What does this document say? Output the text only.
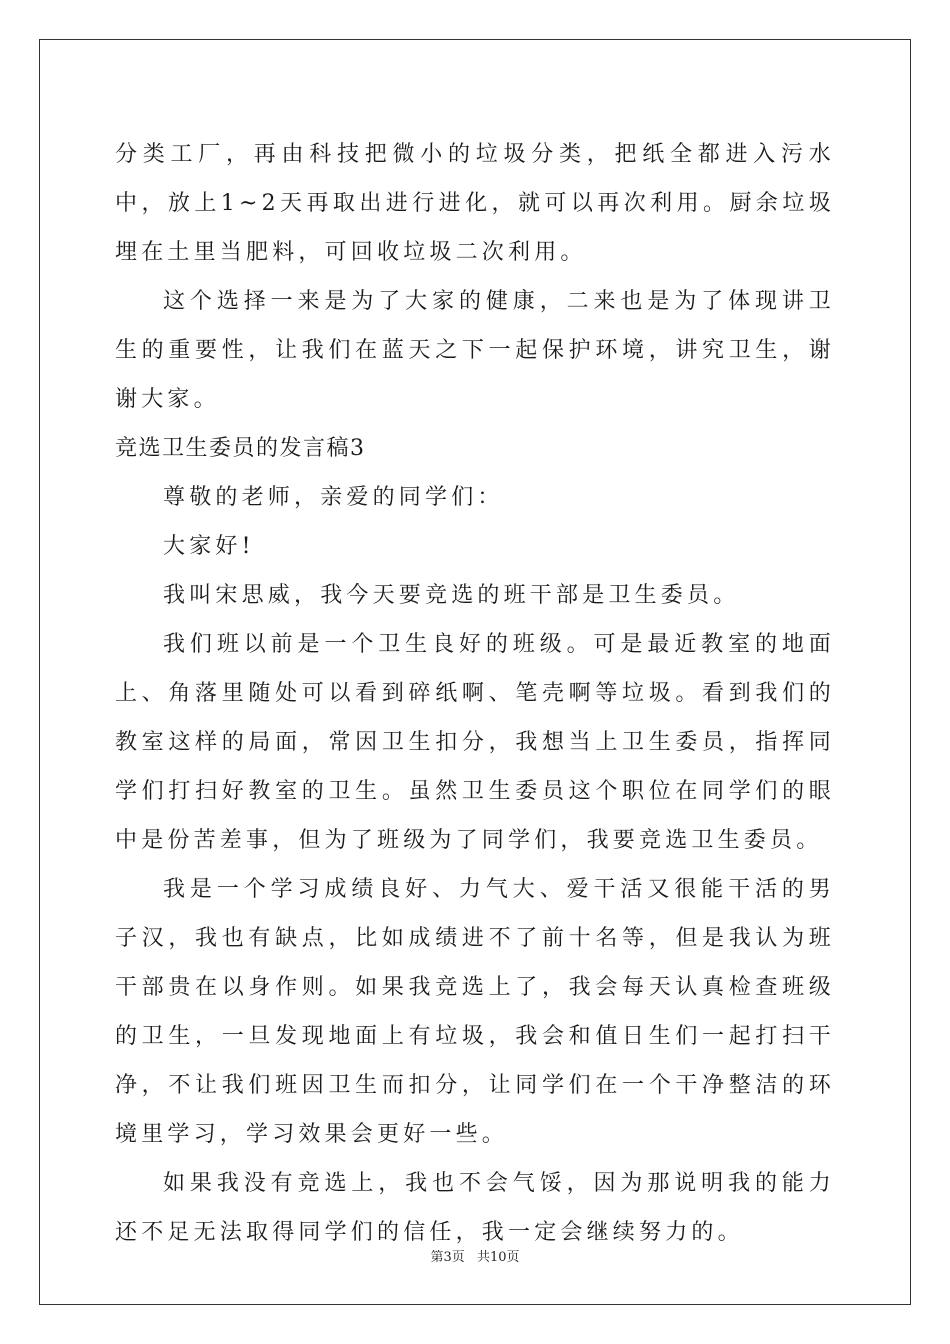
分类工厂，再由科技把微小的垃圾分类，把纸全都进入污水中，放上1~2天再取出进行进化，就可以再次利用。厨余垃圾埋在土里当肥料，可回收垃圾二次利用。

这个选择一来是为了大家的健康，二来也是为了体现讲卫生的重要性，让我们在蓝天之下一起保护环境，讲究卫生，谢谢大家。

竞选卫生委员的发言稿3

尊敬的老师，亲爱的同学们：

大家好!

我叫宋思威，我今天要竞选的班干部是卫生委员。

我们班以前是一个卫生良好的班级。可是最近教室的地面上、角落里随处可以看到碎纸啊、笔壳啊等垃圾。看到我们的教室这样的局面，常因卫生扣分，我想当上卫生委员，指挥同学们打扫好教室的卫生。虽然卫生委员这个职位在同学们的眼中是份苦差事，但为了班级为了同学们，我要竞选卫生委员。

我是一个学习成绩良好、力气大、爱干活又很能干活的男子汉，我也有缺点，比如成绩进不了前十名等，但是我认为班干部贵在以身作则。如果我竞选上了，我会每天认真检查班级的卫生，一旦发现地面上有垃圾，我会和值日生们一起打扫干净，不让我们班因卫生而扣分，让同学们在一个干净整洁的环境里学习，学习效果会更好一些。

如果我没有竞选上，我也不会气馁，因为那说明我的能力还不足无法取得同学们的信任，我一定会继续努力的。

第3页 共10页
